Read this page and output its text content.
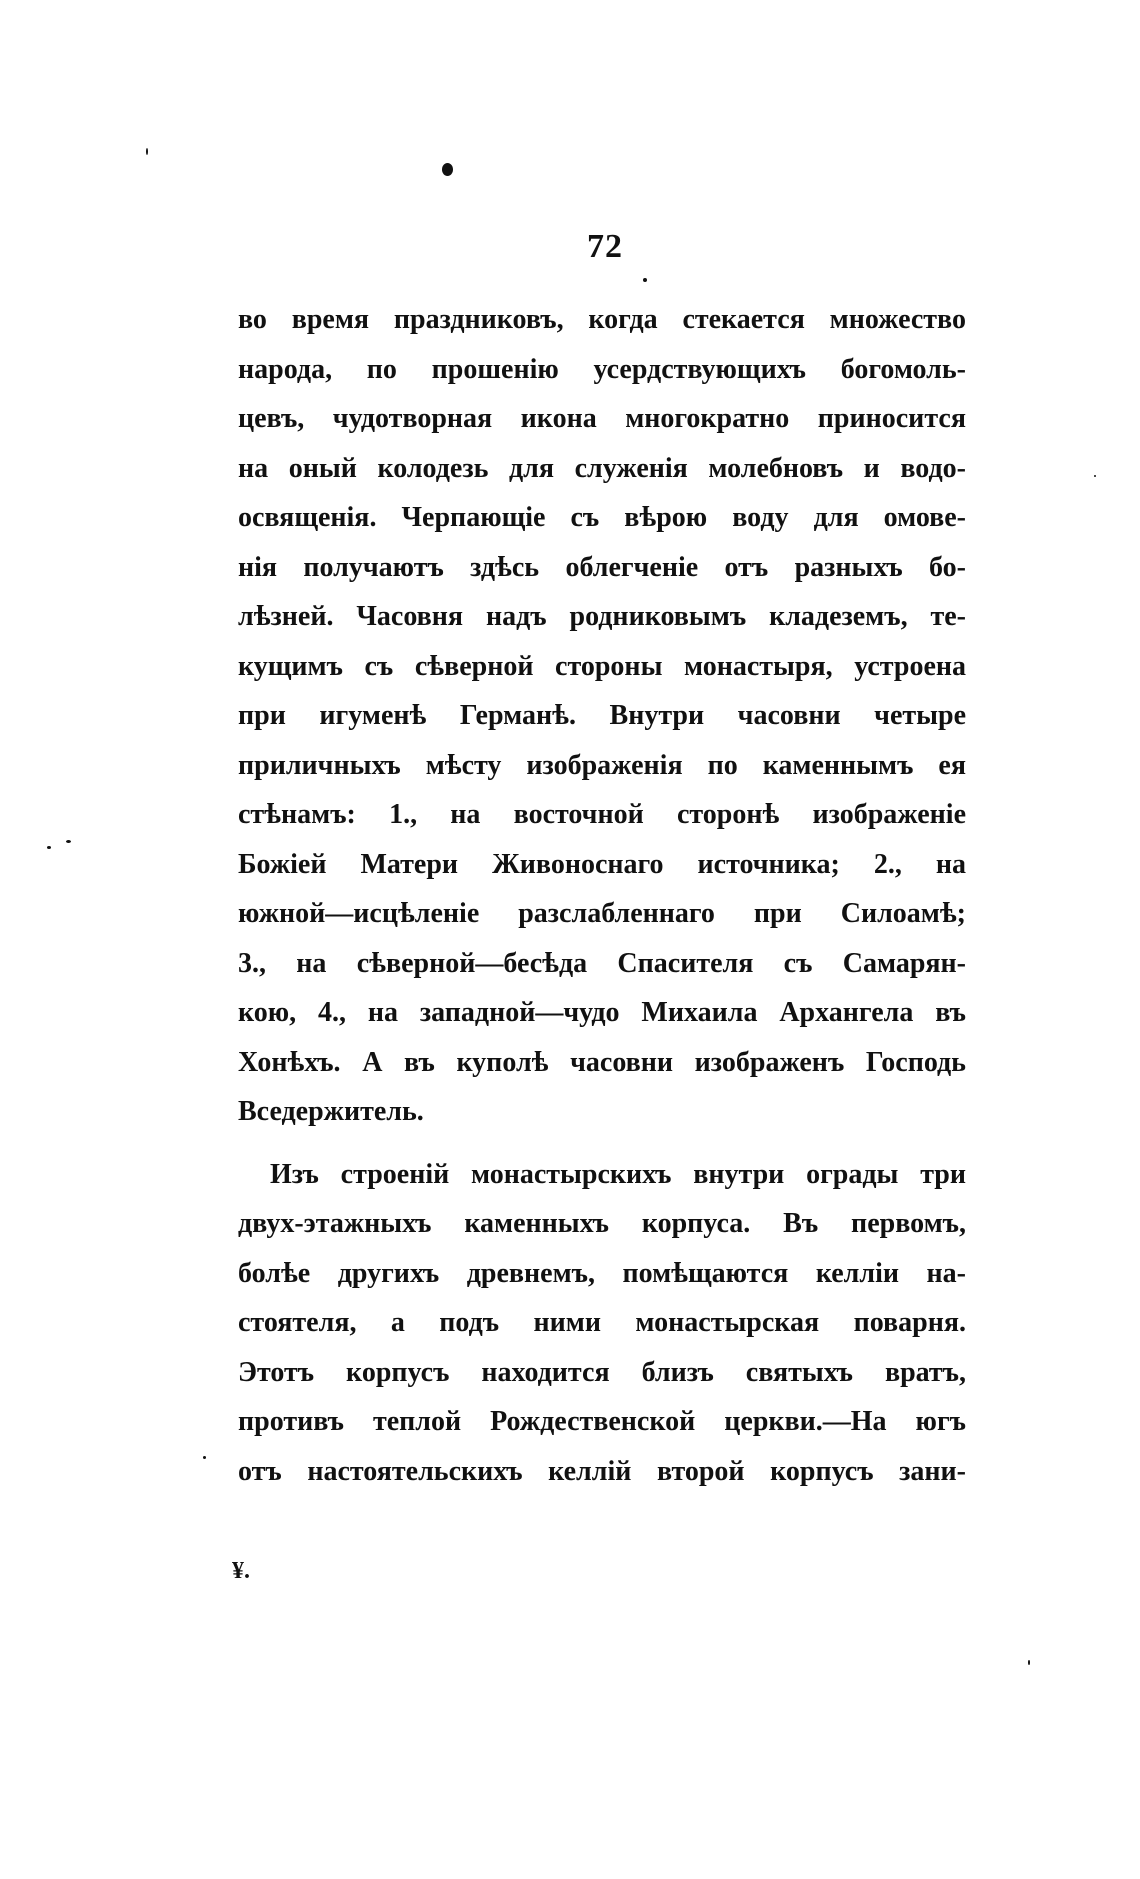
72
во время праздниковъ, когда стекается множество
народа, по прошенію усердствующихъ богомоль-
цевъ, чудотворная икона многократно приносится
на оный колодезь для служенія молебновъ и водо-
освященія. Черпающіе съ вѣрою воду для омове-
нія получаютъ здѣсь облегченіе отъ разныхъ бо-
лѣзней. Часовня надъ родниковымъ кладеземъ, те-
кущимъ съ сѣверной стороны монастыря, устроена
при игуменѣ Германѣ. Внутри часовни четыре
приличныхъ мѣсту изображенія по каменнымъ ея
стѣнамъ: 1., на восточной сторонѣ изображеніе
Божіей Матери Живоноснаго источника; 2., на
южной—исцѣленіе разслабленнаго при Силоамѣ;
3., на сѣверной—бесѣда Спасителя съ Самарян-
кою, 4., на западной—чудо Михаила Архангела въ
Хонѣхъ. А въ куполѣ часовни изображенъ Господь
Вседержитель.
Изъ строеній монастырскихъ внутри ограды три
двух-этажныхъ каменныхъ корпуса. Въ первомъ,
болѣе другихъ древнемъ, помѣщаются келліи на-
стоятеля, а подъ ними монастырская поварня.
Этотъ корпусъ находится близъ святыхъ вратъ,
противъ теплой Рождественской церкви.—На югъ
отъ настоятельскихъ келлій второй корпусъ зани-
¥.
